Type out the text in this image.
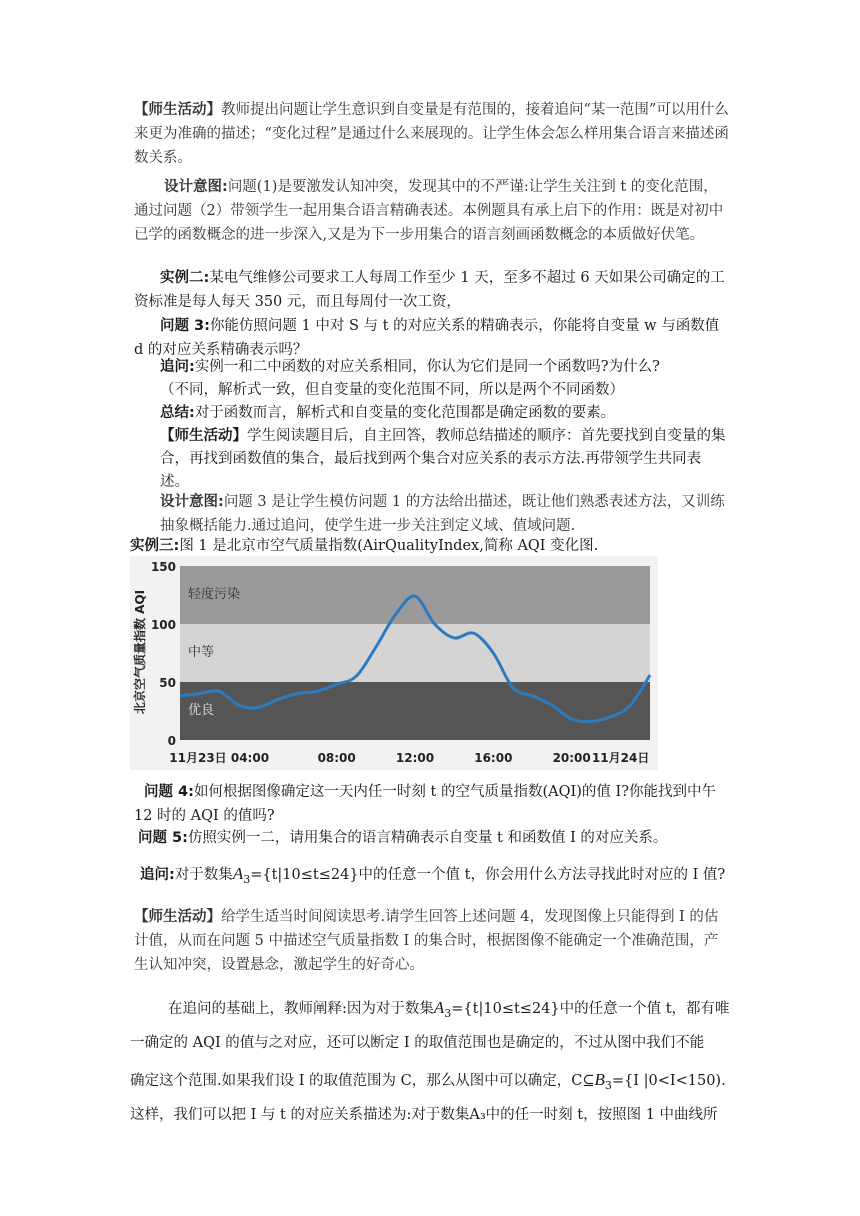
【师生活动】教师提出问题让学生意识到自变量是有范围的，接着追问“某一范围”可以用什么来更为准确的描述；“变化过程”是通过什么来展现的。让学生体会怎么样用集合语言来描述函数关系。

设计意图:问题(1)是要激发认知冲突，发现其中的不严谨:让学生关注到 t 的变化范围，通过问题（2）带领学生一起用集合语言精确表述。本例题具有承上启下的作用：既是对初中已学的函数概念的进一步深入,又是为下一步用集合的语言刻画函数概念的本质做好伏笔。

实例二:某电气维修公司要求工人每周工作至少 1 天，至多不超过 6 天如果公司确定的工资标准是每人每天 350 元，而且每周付一次工资，

问题 3:你能仿照问题 1 中对 S 与 t 的对应关系的精确表示，你能将自变量 w 与函数值 d 的对应关系精确表示吗？

追问:实例一和二中函数的对应关系相同，你认为它们是同一个函数吗?为什么?

（不同，解析式一致，但自变量的变化范围不同，所以是两个不同函数）

总结:对于函数而言，解析式和自变量的变化范围都是确定函数的要素。

【师生活动】学生阅读题目后，自主回答，教师总结描述的顺序：首先要找到自变量的集合，再找到函数值的集合，最后找到两个集合对应关系的表示方法.再带领学生共同表述。

设计意图:问题 3 是让学生模仿问题 1 的方法给出描述，既让他们熟悉表述方法，又训练抽象概括能力.通过追问，使学生进一步关注到定义域、值域问题.

实例三:图 1 是北京市空气质量指数(AirQualityIndex,简称 AQI 变化图.

北京空气质量指数 AQI
0
50
100
150
11月23日 04:00	08:00	12:00	16:00	20:00 11月24日
优良
中等
轻度污染

问题 4:如何根据图像确定这一天内任一时刻 t 的空气质量指数(AQI)的值 I?你能找到中午 12 时的 AQI 的值吗?

问题 5:仿照实例一二，请用集合的语言精确表示自变量 t 和函数值 I 的对应关系。

追问:对于数集$A_3=\{t|10\le t\le 24\}$中的任意一个值 t，你会用什么方法寻找此时对应的 I 值?

【师生活动】给学生适当时间阅读思考.请学生回答上述问题 4，发现图像上只能得到 I 的估计值，从而在问题 5 中描述空气质量指数 I 的集合时，根据图像不能确定一个准确范围，产生认知冲突，设置悬念，激起学生的好奇心。

在追问的基础上，教师阐释:因为对于数集$A_3=\{t|10\le t\le 24\}$中的任意一个值 t，都有唯

一确定的 AQI 的值与之对应，还可以断定 I 的取值范围也是确定的，不过从图中我们不能

确定这个范围.如果我们设 I 的取值范围为 C，那么从图中可以确定，$C⊆B_3=\{I$ |0<I<150).

这样，我们可以把 I 与 t 的对应关系描述为:对于数集A₃中的任一时刻 t，按照图 1 中曲线所
